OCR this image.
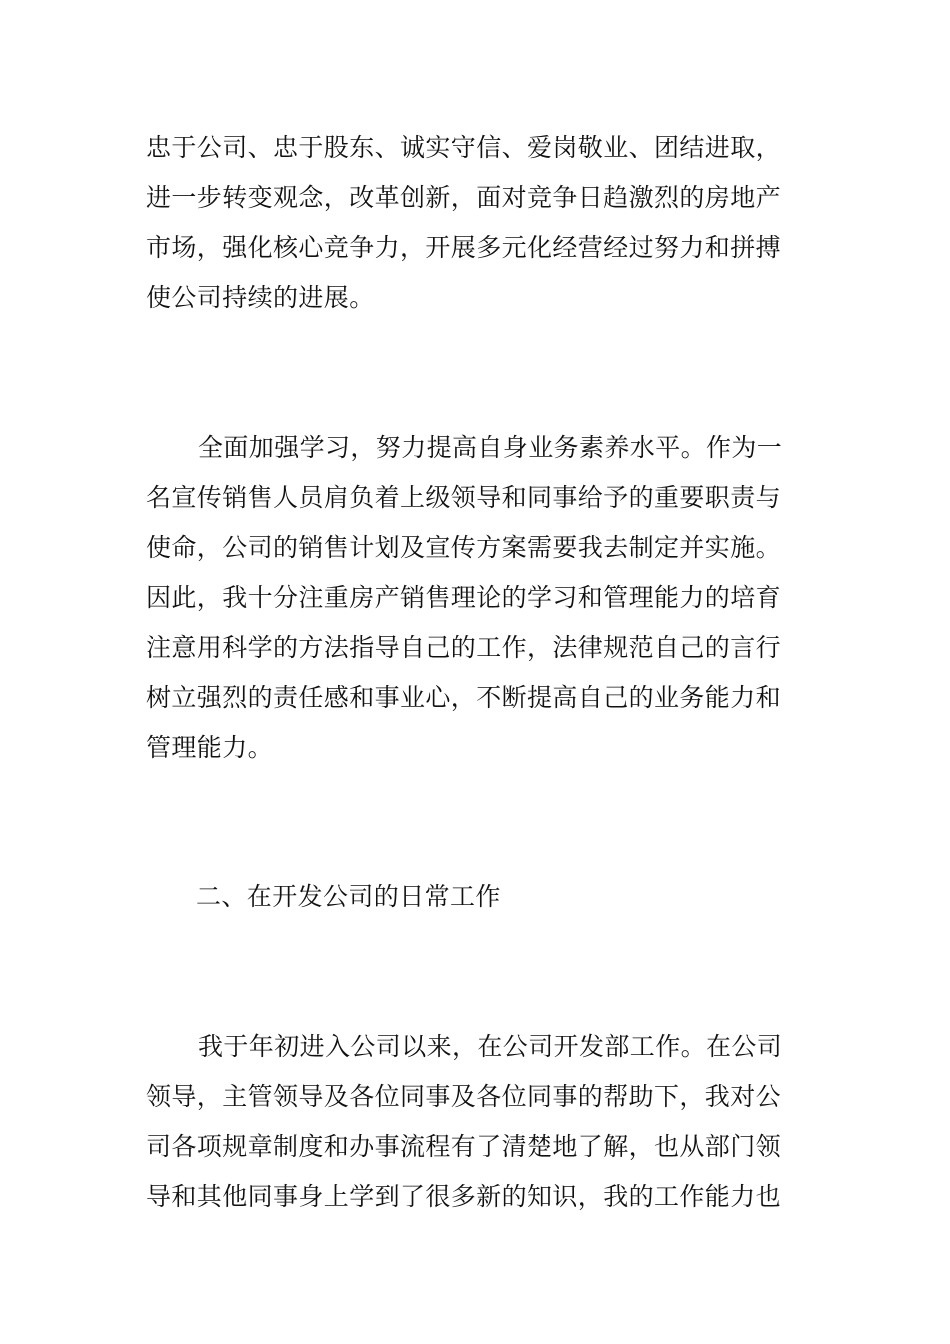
忠于公司、忠于股东、诚实守信、爱岗敬业、团结进取，
进一步转变观念，改革创新，面对竞争日趋激烈的房地产
市场，强化核心竞争力，开展多元化经营经过努力和拼搏
使公司持续的进展。
全面加强学习，努力提高自身业务素养水平。作为一
名宣传销售人员肩负着上级领导和同事给予的重要职责与
使命，公司的销售计划及宣传方案需要我去制定并实施。
因此，我十分注重房产销售理论的学习和管理能力的培育
注意用科学的方法指导自己的工作，法律规范自己的言行
树立强烈的责任感和事业心，不断提高自己的业务能力和
管理能力。
二、在开发公司的日常工作
我于年初进入公司以来，在公司开发部工作。在公司
领导，主管领导及各位同事及各位同事的帮助下，我对公
司各项规章制度和办事流程有了清楚地了解，也从部门领
导和其他同事身上学到了很多新的知识，我的工作能力也
